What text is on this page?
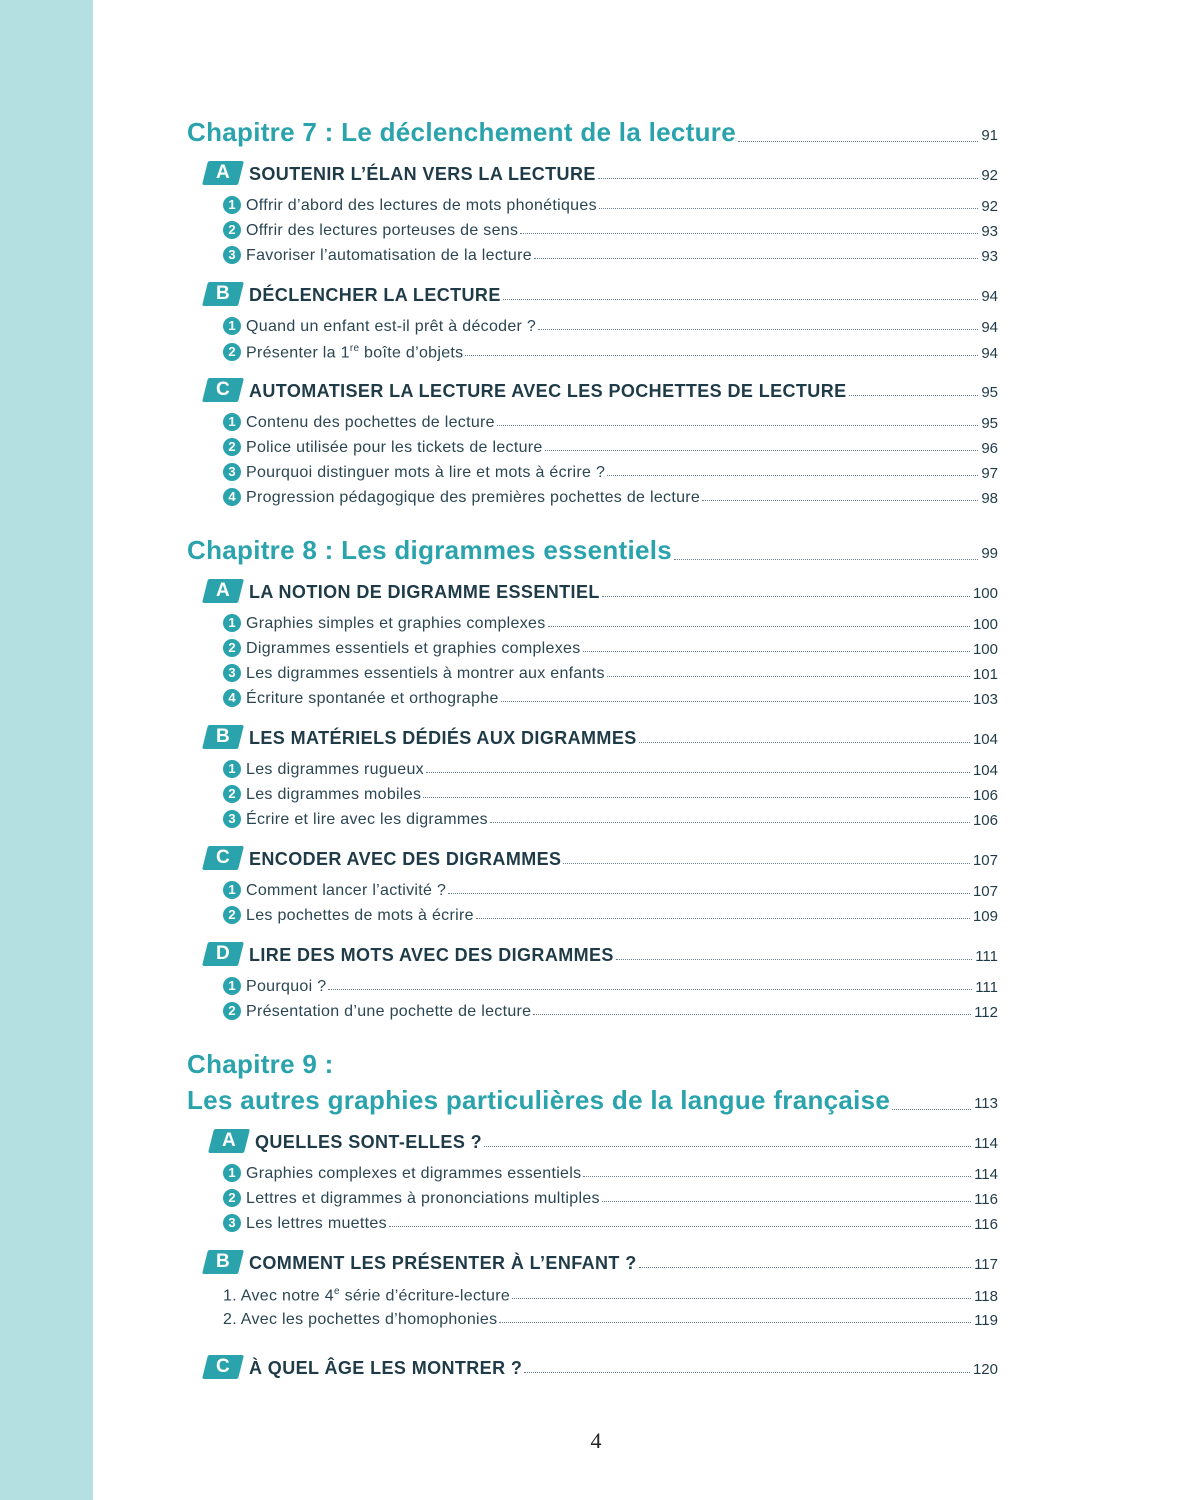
Chapitre 7 : Le déclenchement de la lecture	91
A	SOUTENIR L’ÉLAN VERS LA LECTURE	92
1 Offrir d’abord des lectures de mots phonétiques	92
2 Offrir des lectures porteuses de sens	93
3 Favoriser l’automatisation de la lecture	93
B	DÉCLENCHER LA LECTURE	94
1 Quand un enfant est-il prêt à décoder ?	94
2 Présenter la 1re boîte d’objets	94
C	AUTOMATISER LA LECTURE AVEC LES POCHETTES DE LECTURE	95
1 Contenu des pochettes de lecture	95
2 Police utilisée pour les tickets de lecture	96
3 Pourquoi distinguer mots à lire et mots à écrire ?	97
4 Progression pédagogique des premières pochettes de lecture	98
Chapitre 8 : Les digrammes essentiels	99
A	LA NOTION DE DIGRAMME ESSENTIEL	100
1 Graphies simples et graphies complexes	100
2 Digrammes essentiels et graphies complexes	100
3 Les digrammes essentiels à montrer aux enfants	101
4 Écriture spontanée et orthographe	103
B	LES MATÉRIELS DÉDIÉS AUX DIGRAMMES	104
1 Les digrammes rugueux	104
2 Les digrammes mobiles	106
3 Écrire et lire avec les digrammes	106
C	ENCODER AVEC DES DIGRAMMES	107
1 Comment lancer l’activité ?	107
2 Les pochettes de mots à écrire	109
D	LIRE DES MOTS AVEC DES DIGRAMMES	111
1 Pourquoi ?	111
2 Présentation d’une pochette de lecture	112
Chapitre 9 :
Les autres graphies particulières de la langue française	113
A	QUELLES SONT-ELLES ?	114
1 Graphies complexes et digrammes essentiels	114
2 Lettres et digrammes à prononciations multiples	116
3 Les lettres muettes	116
B	COMMENT LES PRÉSENTER À L’ENFANT ?	117
1. Avec notre 4e série d’écriture-lecture	118
2. Avec les pochettes d’homophonies	119
C	À QUEL ÂGE LES MONTRER ?	120
4
